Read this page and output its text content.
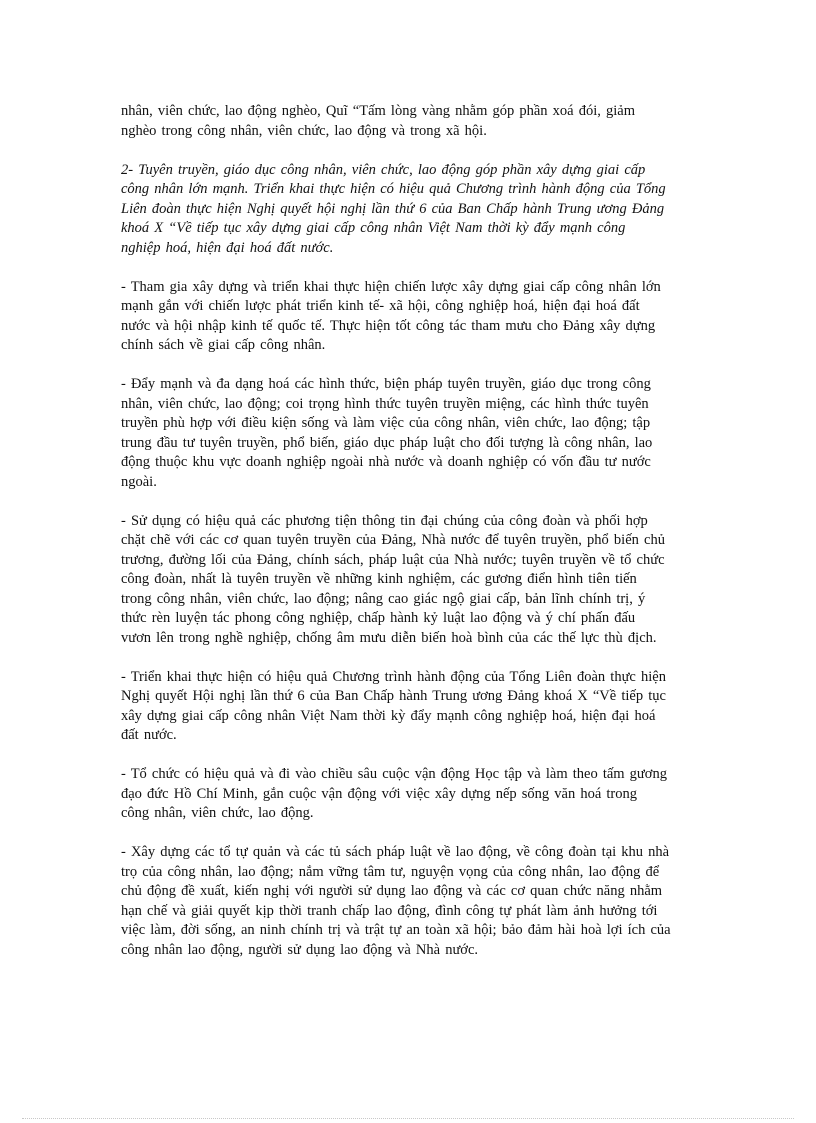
nhân, viên chức, lao động nghèo, Quĩ “Tấm lòng vàng nhằm góp phần xoá đói, giảm
nghèo trong công nhân, viên chức, lao động và trong xã hội.

2- Tuyên truyền, giáo dục công nhân, viên chức, lao động góp phần xây dựng giai cấp
công nhân lớn mạnh. Triển khai thực hiện có hiệu quả Chương trình hành động của Tổng
Liên đoàn thực hiện Nghị quyết hội nghị lần thứ 6 của Ban Chấp hành Trung ương Đảng
khoá X “Về tiếp tục xây dựng giai cấp công nhân Việt Nam thời kỳ đẩy mạnh công
nghiệp hoá, hiện đại hoá đất nước.

- Tham gia xây dựng và triển khai thực hiện chiến lược xây dựng giai cấp công nhân lớn
mạnh gắn với chiến lược phát triển kinh tế- xã hội, công nghiệp hoá, hiện đại hoá đất
nước và hội nhập kinh tế quốc tế. Thực hiện tốt công tác tham mưu cho Đảng xây dựng
chính sách về giai cấp công nhân.

- Đẩy mạnh và đa dạng hoá các hình thức, biện pháp tuyên truyền, giáo dục trong công
nhân, viên chức, lao động; coi trọng hình thức tuyên truyền miệng, các hình thức tuyên
truyền phù hợp với điều kiện sống và làm việc của công nhân, viên chức, lao động; tập
trung đầu tư tuyên truyền, phổ biến, giáo dục pháp luật cho đối tượng là công nhân, lao
động thuộc khu vực doanh nghiệp ngoài nhà nước và doanh nghiệp có vốn đầu tư nước
ngoài.

- Sử dụng có hiệu quả các phương tiện thông tin đại chúng của công đoàn và phối hợp
chặt chẽ với các cơ quan tuyên truyền của Đảng, Nhà nước để tuyên truyền, phổ biến chủ
trương, đường lối của Đảng, chính sách, pháp luật của Nhà nước; tuyên truyền về tổ chức
công đoàn, nhất là tuyên truyền về những kinh nghiệm, các gương điển hình tiên tiến
trong công nhân, viên chức, lao động; nâng cao giác ngộ giai cấp, bản lĩnh chính trị, ý
thức rèn luyện tác phong công nghiệp, chấp hành kỷ luật lao động và ý chí phấn đấu
vươn lên trong nghề nghiệp, chống âm mưu diễn biến hoà bình của các thế lực thù địch.

- Triển khai thực hiện có hiệu quả Chương trình hành động của Tổng Liên đoàn thực hiện
Nghị quyết Hội nghị lần thứ 6 của Ban Chấp hành Trung ương Đảng khoá X “Về tiếp tục
xây dựng giai cấp công nhân Việt Nam thời kỳ đẩy mạnh công nghiệp hoá, hiện đại hoá
đất nước.

- Tổ chức có hiệu quả và đi vào chiều sâu cuộc vận động Học tập và làm theo tấm gương
đạo đức Hồ Chí Minh, gắn cuộc vận động với việc xây dựng nếp sống văn hoá trong
công nhân, viên chức, lao động.

- Xây dựng các tổ tự quản và các tủ sách pháp luật về lao động, về công đoàn tại khu nhà
trọ của công nhân, lao động; nắm vững tâm tư, nguyện vọng của công nhân, lao động để
chủ động đề xuất, kiến nghị với người sử dụng lao động và các cơ quan chức năng nhằm
hạn chế và giải quyết kịp thời tranh chấp lao động, đình công tự phát làm ảnh hưởng tới
việc làm, đời sống, an ninh chính trị và trật tự an toàn xã hội; bảo đảm hài hoà lợi ích của
công nhân lao động, người sử dụng lao động và Nhà nước.
